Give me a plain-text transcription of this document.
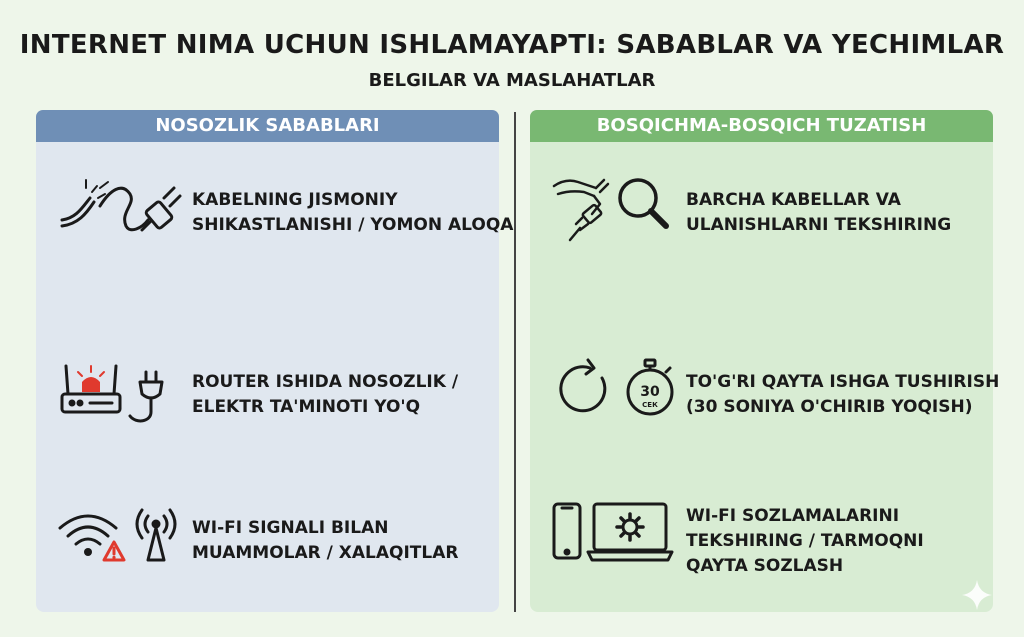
INTERNET NIMA UCHUN ISHLAMAYAPTI: SABABLAR VA YECHIMLAR
BELGILAR VA MASLAHATLAR
NOSOZLIK SABABLARI
KABELNING JISMONIY
SHIKASTLANISHI / YOMON ALOQA
ROUTER ISHIDA NOSOZLIK /
ELEKTR TA'MINOTI YO'Q
WI-FI SIGNALI BILAN
MUAMMOLAR / XALAQITLAR
BOSQICHMA-BOSQICH TUZATISH
BARCHA KABELLAR VA
ULANISHLARNI TEKSHIRING
30
СЕК
TO'G'RI QAYTA ISHGA TUSHIRISH
(30 SONIYA O'CHIRIB YOQISH)
WI-FI SOZLAMALARINI
TEKSHIRING / TARMOQNI
QAYTA SOZLASH
